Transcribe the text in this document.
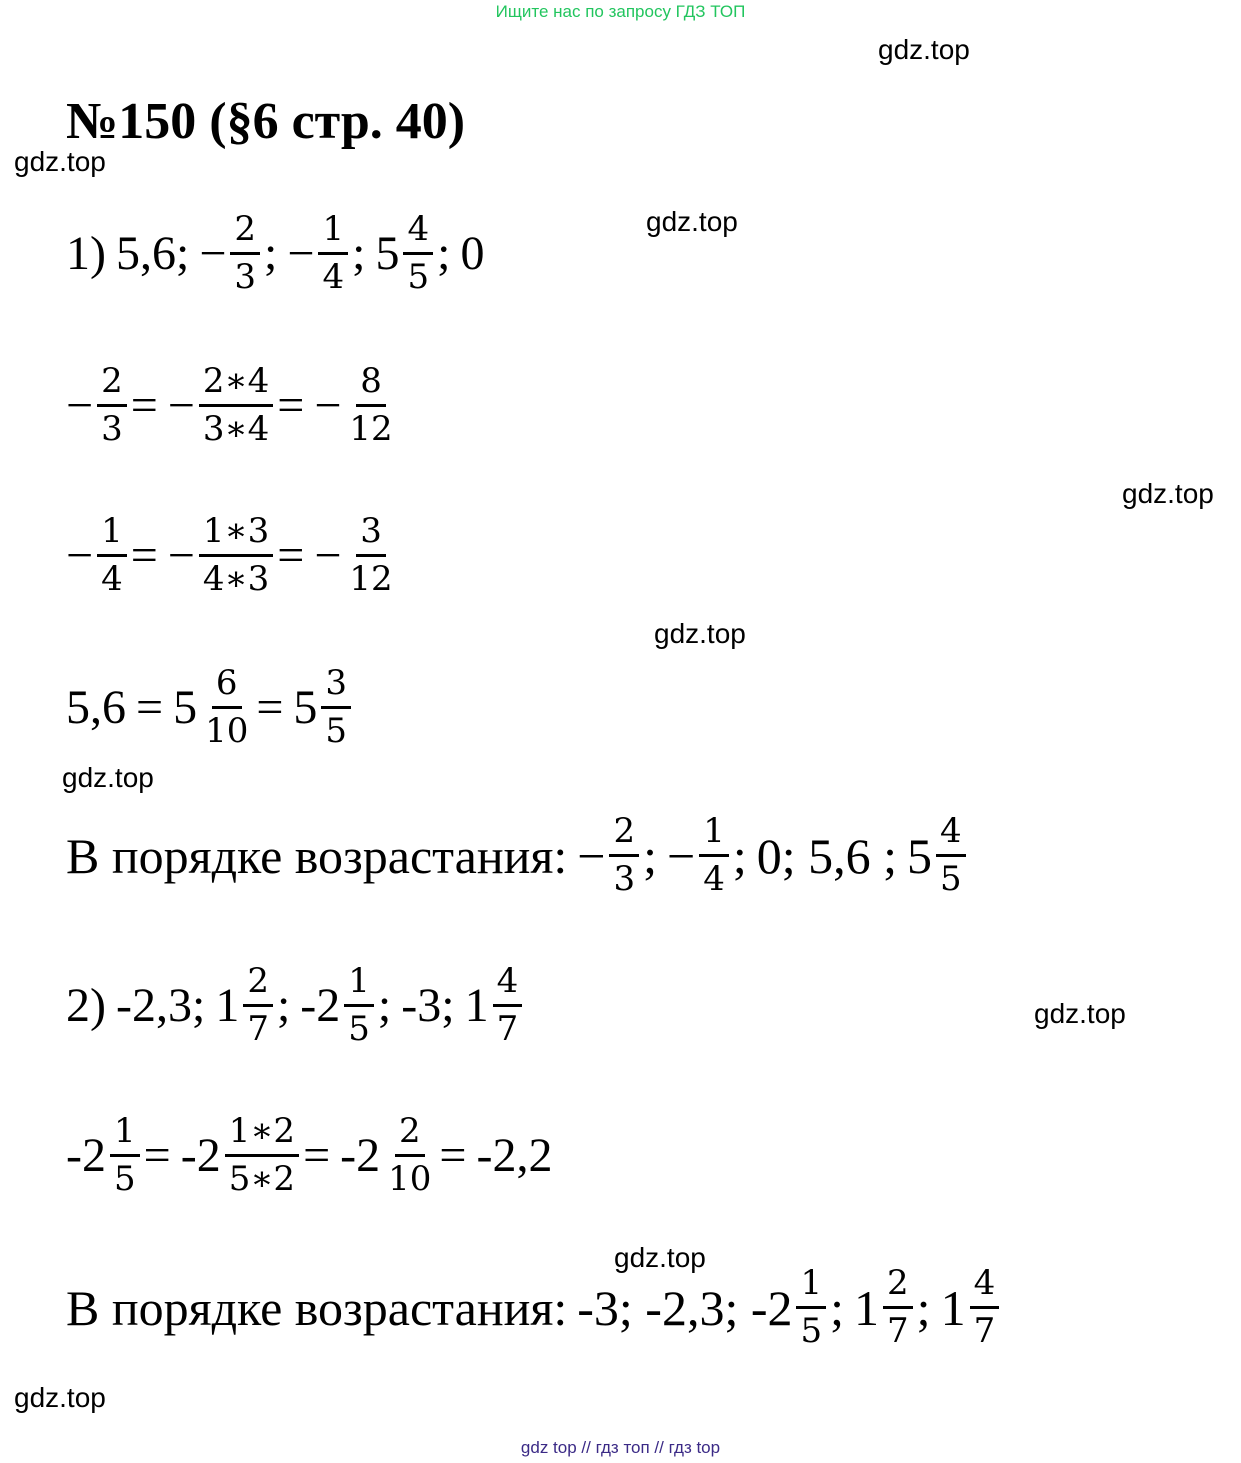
Ищите нас по запросу ГДЗ ТОП
gdz.top
gdz.top
gdz.top
gdz.top
gdz.top
gdz.top
gdz.top
gdz.top
gdz.top
№150 (§6 стр. 40)
1) 5,6; − $\frac{2}{3}$ ; − $\frac{1}{4}$ ; $5 \frac{4}{5}$ ; 0
− $\frac{2}{3}$ = − $\frac{2∗4}{3∗4}$ = − $\frac{8}{12}$
− $\frac{1}{4}$ = − $\frac{1∗3}{4∗3}$ = − $\frac{3}{12}$
$5,6 = 5 \frac{6}{10} = 5 \frac{3}{5}$
В порядке возрастания: − $\frac{2}{3}$ ; − $\frac{1}{4}$ ; 0; 5,6 ; $5 \frac{4}{5}$
2) -2,3; $1 \frac{2}{7}$ ; $-2 \frac{1}{5}$ ; -3; $1 \frac{4}{7}$
$-2 \frac{1}{5} = -2 \frac{1∗2}{5∗2} = -2 \frac{2}{10} = -2,2$
В порядке возрастания: -3; -2,3; $-2 \frac{1}{5}$ ; $1 \frac{2}{7}$ ; $1 \frac{4}{7}$
gdz top // гдз топ // гдз top
